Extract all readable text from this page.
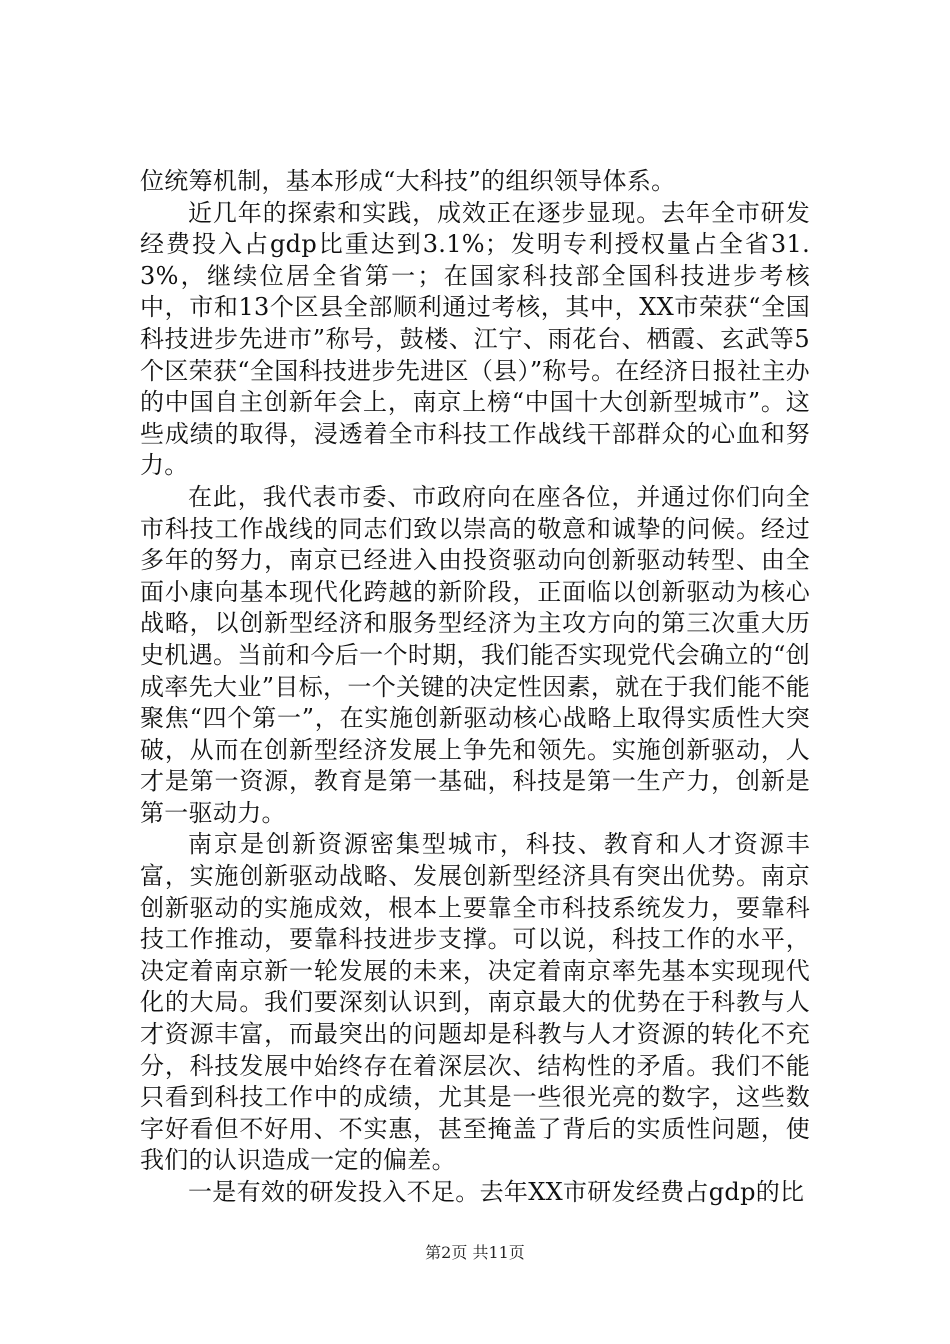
位统筹机制，基本形成“大科技”的组织领导体系。

近几年的探索和实践，成效正在逐步显现。去年全市研发经费投入占gdp比重达到3.1%；发明专利授权量占全省31.3%，继续位居全省第一；在国家科技部全国科技进步考核中，市和13个区县全部顺利通过考核，其中，XX市荣获“全国科技进步先进市”称号，鼓楼、江宁、雨花台、栖霞、玄武等5个区荣获“全国科技进步先进区（县）”称号。在经济日报社主办的中国自主创新年会上，南京上榜“中国十大创新型城市”。这些成绩的取得，浸透着全市科技工作战线干部群众的心血和努力。

在此，我代表市委、市政府向在座各位，并通过你们向全市科技工作战线的同志们致以崇高的敬意和诚挚的问候。经过多年的努力，南京已经进入由投资驱动向创新驱动转型、由全面小康向基本现代化跨越的新阶段，正面临以创新驱动为核心战略，以创新型经济和服务型经济为主攻方向的第三次重大历史机遇。当前和今后一个时期，我们能否实现党代会确立的“创成率先大业”目标，一个关键的决定性因素，就在于我们能不能聚焦“四个第一”，在实施创新驱动核心战略上取得实质性大突破，从而在创新型经济发展上争先和领先。实施创新驱动，人才是第一资源，教育是第一基础，科技是第一生产力，创新是第一驱动力。

南京是创新资源密集型城市，科技、教育和人才资源丰富，实施创新驱动战略、发展创新型经济具有突出优势。南京创新驱动的实施成效，根本上要靠全市科技系统发力，要靠科技工作推动，要靠科技进步支撑。可以说，科技工作的水平，决定着南京新一轮发展的未来，决定着南京率先基本实现现代化的大局。我们要深刻认识到，南京最大的优势在于科教与人才资源丰富，而最突出的问题却是科教与人才资源的转化不充分，科技发展中始终存在着深层次、结构性的矛盾。我们不能只看到科技工作中的成绩，尤其是一些很光亮的数字，这些数字好看但不好用、不实惠，甚至掩盖了背后的实质性问题，使我们的认识造成一定的偏差。

一是有效的研发投入不足。去年XX市研发经费占gdp的比

第2页 共11页
